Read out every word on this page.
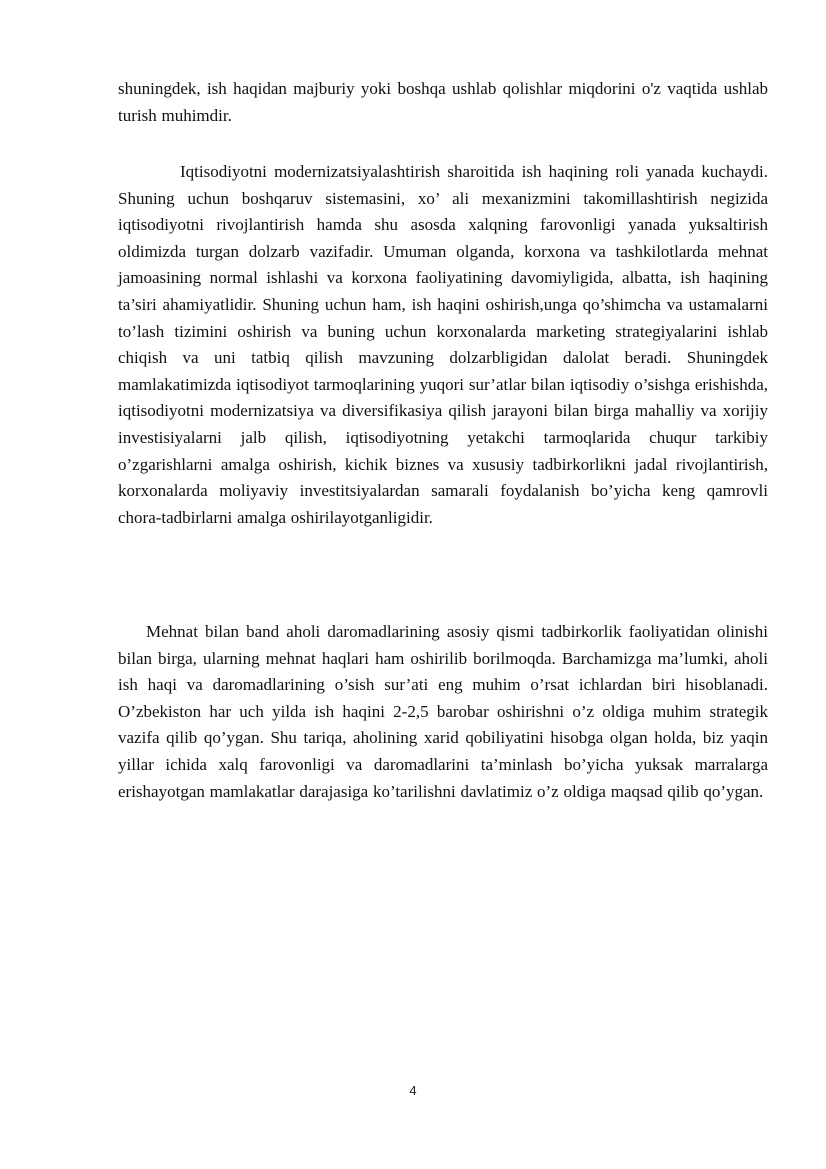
shuningdek, ish haqidan majburiy yoki boshqa ushlab qolishlar miqdorini o'z vaqtida ushlab turish muhimdir.

Iqtisodiyotni modernizatsiyalashtirish sharoitida ish haqining roli yanada kuchaydi. Shuning uchun boshqaruv sistemasini, xo’ ali mexanizmini takomillashtirish negizida iqtisodiyotni rivojlantirish hamda shu asosda xalqning farovonligi yanada yuksaltirish oldimizda turgan dolzarb vazifadir. Umuman olganda, korxona va tashkilotlarda mehnat jamoasining normal ishlashi va korxona faoliyatining davomiyligida, albatta, ish haqining ta’siri ahamiyatlidir. Shuning uchun ham, ish haqini oshirish,unga qo’shimcha va ustamalarni to’lash tizimini oshirish va buning uchun korxonalarda marketing strategiyalarini ishlab chiqish va uni tatbiq qilish mavzuning dolzarbligidan dalolat beradi. Shuningdek mamlakatimizda iqtisodiyot tarmoqlarining yuqori sur’atlar bilan iqtisodiy o’sishga erishishda, iqtisodiyotni modernizatsiya va diversifikasiya qilish jarayoni bilan birga mahalliy va xorijiy investisiyalarni jalb qilish, iqtisodiyotning yetakchi tarmoqlarida chuqur tarkibiy o’zgarishlarni amalga oshirish, kichik biznes va xususiy tadbirkorlikni jadal rivojlantirish, korxonalarda moliyaviy investitsiyalardan samarali foydalanish bo’yicha keng qamrovli chora-tadbirlarni amalga oshirilayotganligidir.

Mehnat bilan band aholi daromadlarining asosiy qismi tadbirkorlik faoliyatidan olinishi bilan birga, ularning mehnat haqlari ham oshirilib borilmoqda. Barchamizga ma’lumki, aholi ish haqi va daromadlarining o’sish sur’ati eng muhim o’rsat ichlardan biri hisoblanadi. O’zbekiston har uch yilda ish haqini 2-2,5 barobar oshirishni o’z oldiga muhim strategik vazifa qilib qo’ygan. Shu tariqa, aholining xarid qobiliyatini hisobga olgan holda, biz yaqin yillar ichida xalq farovonligi va daromadlarini ta’minlash bo’yicha yuksak marralarga erishayotgan mamlakatlar darajasiga ko’tarilishni davlatimiz o’z oldiga maqsad qilib qo’ygan.

4
